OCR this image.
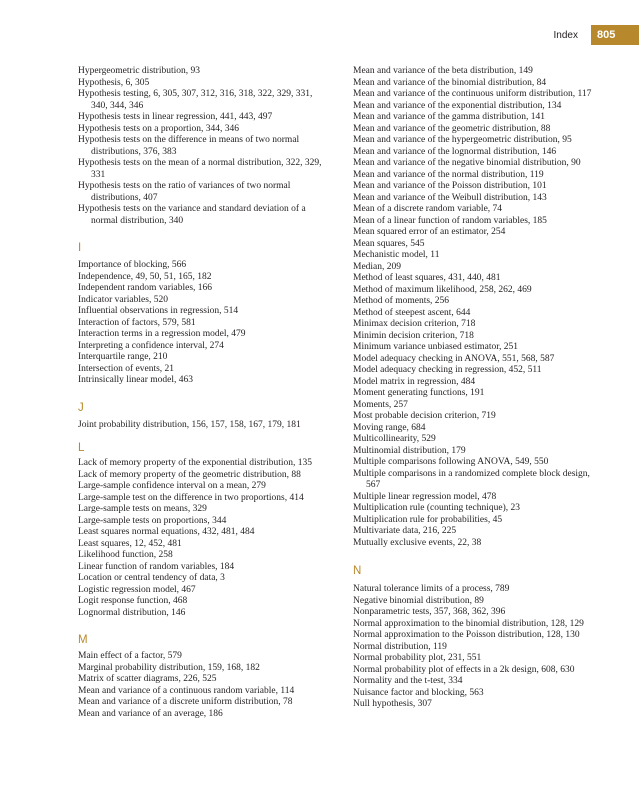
Index	805
Hypergeometric distribution, 93
Hypothesis, 6, 305
Hypothesis testing, 6, 305, 307, 312, 316, 318, 322, 329, 331, 340, 344, 346
Hypothesis tests in linear regression, 441, 443, 497
Hypothesis tests on a proportion, 344, 346
Hypothesis tests on the difference in means of two normal distributions, 376, 383
Hypothesis tests on the mean of a normal distribution, 322, 329, 331
Hypothesis tests on the ratio of variances of two normal distributions, 407
Hypothesis tests on the variance and standard deviation of a normal distribution, 340
I
Importance of blocking, 566
Independence, 49, 50, 51, 165, 182
Independent random variables, 166
Indicator variables, 520
Influential observations in regression, 514
Interaction of factors, 579, 581
Interaction terms in a regression model, 479
Interpreting a confidence interval, 274
Interquartile range, 210
Intersection of events, 21
Intrinsically linear model, 463
J
Joint probability distribution, 156, 157, 158, 167, 179, 181
L
Lack of memory property of the exponential distribution, 135
Lack of memory property of the geometric distribution, 88
Large-sample confidence interval on a mean, 279
Large-sample test on the difference in two proportions, 414
Large-sample tests on means, 329
Large-sample tests on proportions, 344
Least squares normal equations, 432, 481, 484
Least squares, 12, 452, 481
Likelihood function, 258
Linear function of random variables, 184
Location or central tendency of data, 3
Logistic regression model, 467
Logit response function, 468
Lognormal distribution, 146
M
Main effect of a factor, 579
Marginal probability distribution, 159, 168, 182
Matrix of scatter diagrams, 226, 525
Mean and variance of a continuous random variable, 114
Mean and variance of a discrete uniform distribution, 78
Mean and variance of an average, 186
Mean and variance of the beta distribution, 149
Mean and variance of the binomial distribution, 84
Mean and variance of the continuous uniform distribution, 117
Mean and variance of the exponential distribution, 134
Mean and variance of the gamma distribution, 141
Mean and variance of the geometric distribution, 88
Mean and variance of the hypergeometric distribution, 95
Mean and variance of the lognormal distribution, 146
Mean and variance of the negative binomial distribution, 90
Mean and variance of the normal distribution, 119
Mean and variance of the Poisson distribution, 101
Mean and variance of the Weibull distribution, 143
Mean of a discrete random variable, 74
Mean of a linear function of random variables, 185
Mean squared error of an estimator, 254
Mean squares, 545
Mechanistic model, 11
Median, 209
Method of least squares, 431, 440, 481
Method of maximum likelihood, 258, 262, 469
Method of moments, 256
Method of steepest ascent, 644
Minimax decision criterion, 718
Minimin decision criterion, 718
Minimum variance unbiased estimator, 251
Model adequacy checking in ANOVA, 551, 568, 587
Model adequacy checking in regression, 452, 511
Model matrix in regression, 484
Moment generating functions, 191
Moments, 257
Most probable decision criterion, 719
Moving range, 684
Multicollinearity, 529
Multinomial distribution, 179
Multiple comparisons following ANOVA, 549, 550
Multiple comparisons in a randomized complete block design, 567
Multiple linear regression model, 478
Multiplication rule (counting technique), 23
Multiplication rule for probabilities, 45
Multivariate data, 216, 225
Mutually exclusive events, 22, 38
N
Natural tolerance limits of a process, 789
Negative binomial distribution, 89
Nonparametric tests, 357, 368, 362, 396
Normal approximation to the binomial distribution, 128, 129
Normal approximation to the Poisson distribution, 128, 130
Normal distribution, 119
Normal probability plot, 231, 551
Normal probability plot of effects in a 2k design, 608, 630
Normality and the t-test, 334
Nuisance factor and blocking, 563
Null hypothesis, 307
